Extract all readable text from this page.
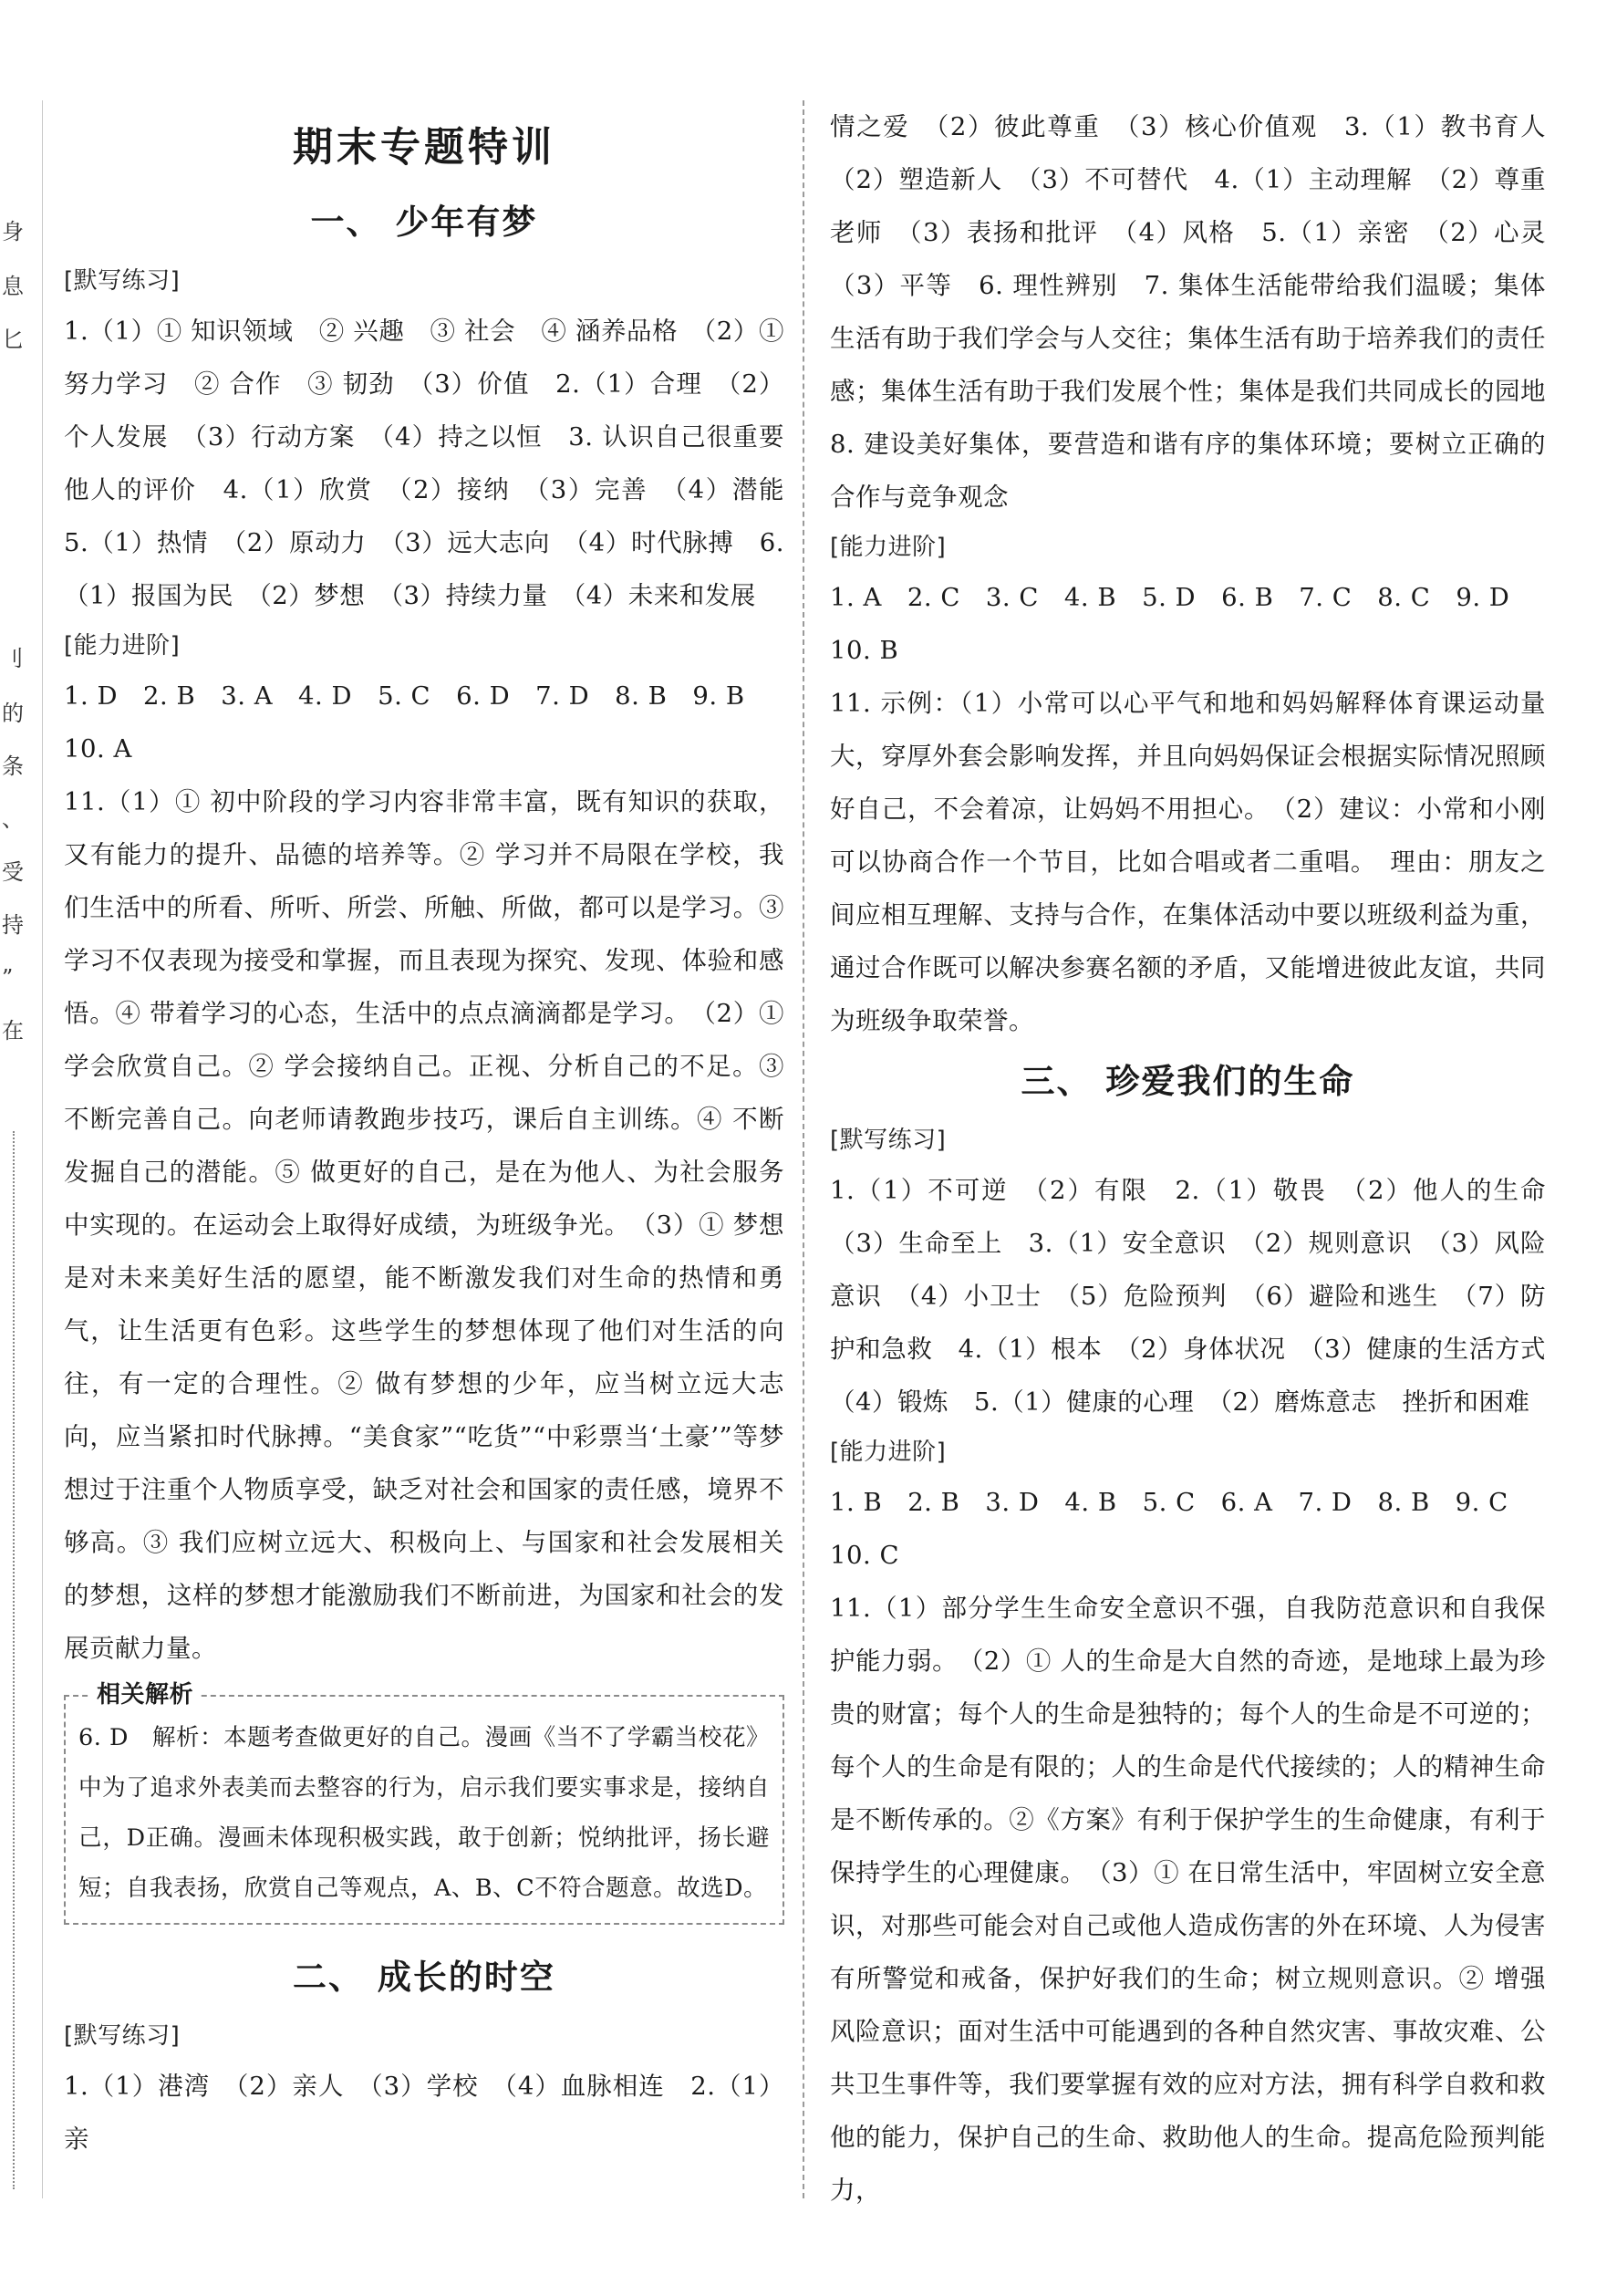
身
息
匕
刂
的
条
、
受
持
”
在
期末专题特训
一、 少年有梦
[默写练习]
1.（1）① 知识领域　② 兴趣　③ 社会　④ 涵养品格　（2）① 努力学习　② 合作　③ 韧劲　（3）价值　2.（1）合理　（2）个人发展　（3）行动方案　（4）持之以恒　3. 认识自己很重要　他人的评价　4.（1）欣赏　（2）接纳　（3）完善　（4）潜能　5.（1）热情　（2）原动力　（3）远大志向　（4）时代脉搏　6.（1）报国为民　（2）梦想　（3）持续力量　（4）未来和发展
[能力进阶]
1. D　2. B　3. A　4. D　5. C　6. D　7. D　8. B　9. B
10. A
11.（1）① 初中阶段的学习内容非常丰富，既有知识的获取，又有能力的提升、品德的培养等。② 学习并不局限在学校，我们生活中的所看、所听、所尝、所触、所做，都可以是学习。③ 学习不仅表现为接受和掌握，而且表现为探究、发现、体验和感悟。④ 带着学习的心态，生活中的点点滴滴都是学习。　（2）① 学会欣赏自己。② 学会接纳自己。正视、分析自己的不足。③ 不断完善自己。向老师请教跑步技巧，课后自主训练。④ 不断发掘自己的潜能。⑤ 做更好的自己，是在为他人、为社会服务中实现的。在运动会上取得好成绩，为班级争光。　（3）① 梦想是对未来美好生活的愿望，能不断激发我们对生命的热情和勇气，让生活更有色彩。这些学生的梦想体现了他们对生活的向往，有一定的合理性。② 做有梦想的少年，应当树立远大志向，应当紧扣时代脉搏。“美食家”“吃货”“中彩票当‘土豪’”等梦想过于注重个人物质享受，缺乏对社会和国家的责任感，境界不够高。③ 我们应树立远大、积极向上、与国家和社会发展相关的梦想，这样的梦想才能激励我们不断前进，为国家和社会的发展贡献力量。
相关解析
6. D　解析：本题考查做更好的自己。漫画《当不了学霸当校花》中为了追求外表美而去整容的行为，启示我们要实事求是，接纳自己，D正确。漫画未体现积极实践，敢于创新；悦纳批评，扬长避短；自我表扬，欣赏自己等观点，A、B、C不符合题意。故选D。
二、 成长的时空
[默写练习]
1.（1）港湾　（2）亲人　（3）学校　（4）血脉相连　2.（1）亲
情之爱　（2）彼此尊重　（3）核心价值观　3.（1）教书育人　（2）塑造新人　（3）不可替代　4.（1）主动理解　（2）尊重老师　（3）表扬和批评　（4）风格　5.（1）亲密　（2）心灵　（3）平等　6. 理性辨别　7. 集体生活能带给我们温暖；集体生活有助于我们学会与人交往；集体生活有助于培养我们的责任感；集体生活有助于我们发展个性；集体是我们共同成长的园地　8. 建设美好集体，要营造和谐有序的集体环境；要树立正确的合作与竞争观念
[能力进阶]
1. A　2. C　3. C　4. B　5. D　6. B　7. C　8. C　9. D
10. B
11. 示例：（1）小常可以心平气和地和妈妈解释体育课运动量大，穿厚外套会影响发挥，并且向妈妈保证会根据实际情况照顾好自己，不会着凉，让妈妈不用担心。　（2）建议：小常和小刚可以协商合作一个节目，比如合唱或者二重唱。　理由：朋友之间应相互理解、支持与合作，在集体活动中要以班级利益为重，通过合作既可以解决参赛名额的矛盾，又能增进彼此友谊，共同为班级争取荣誉。
三、 珍爱我们的生命
[默写练习]
1.（1）不可逆　（2）有限　2.（1）敬畏　（2）他人的生命　（3）生命至上　3.（1）安全意识　（2）规则意识　（3）风险意识　（4）小卫士　（5）危险预判　（6）避险和逃生　（7）防护和急救　4.（1）根本　（2）身体状况　（3）健康的生活方式　（4）锻炼　5.（1）健康的心理　（2）磨炼意志　挫折和困难
[能力进阶]
1. B　2. B　3. D　4. B　5. C　6. A　7. D　8. B　9. C
10. C
11.（1）部分学生生命安全意识不强，自我防范意识和自我保护能力弱。　（2）① 人的生命是大自然的奇迹，是地球上最为珍贵的财富；每个人的生命是独特的；每个人的生命是不可逆的；每个人的生命是有限的；人的生命是代代接续的；人的精神生命是不断传承的。②《方案》有利于保护学生的生命健康，有利于保持学生的心理健康。　（3）① 在日常生活中，牢固树立安全意识，对那些可能会对自己或他人造成伤害的外在环境、人为侵害有所警觉和戒备，保护好我们的生命；树立规则意识。② 增强风险意识；面对生活中可能遇到的各种自然灾害、事故灾难、公共卫生事件等，我们要掌握有效的应对方法，拥有科学自救和救他的能力，保护自己的生命、救助他人的生命。提高危险预判能力，
